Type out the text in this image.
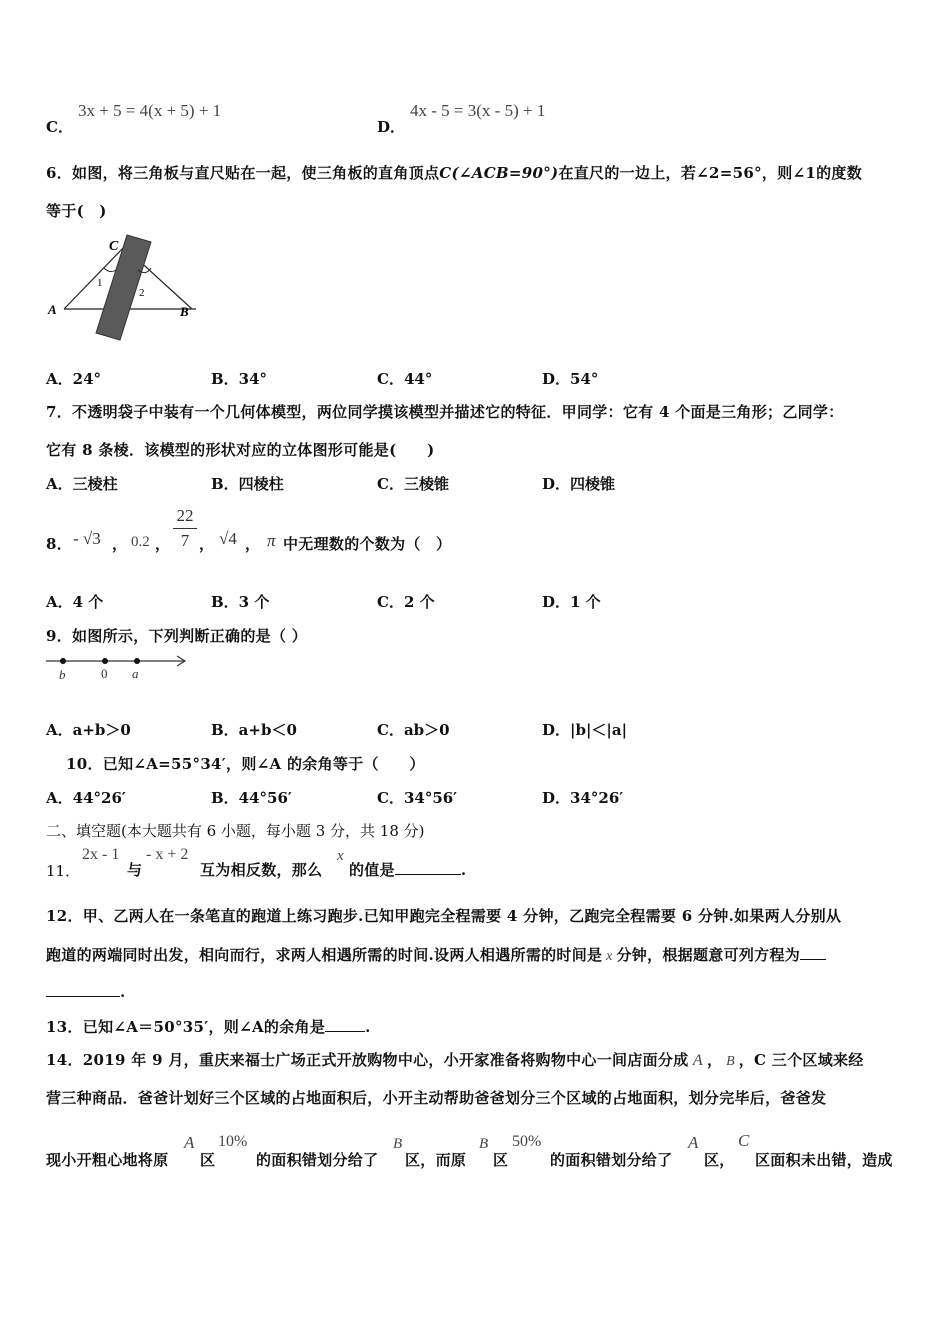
C．
3x + 5 = 4(x + 5) + 1
D．
4x - 5 = 3(x - 5) + 1
6．如图，将三角板与直尺贴在一起，使三角板的直角顶点C(∠ACB=90°)在直尺的一边上，若∠2=56°，则∠1的度数
等于(　)
C
A	B
1
2
A．24°	B．34°	C．44°	D．54°
7．不透明袋子中装有一个几何体模型，两位同学摸该模型并描述它的特征．甲同学：它有 4 个面是三角形；乙同学：
它有 8 条棱．该模型的形状对应的立体图形可能是(　　)
A．三棱柱	B．四棱柱	C．三棱锥	D．四棱锥
8． - √3 ， 0.2 ，
22
7 ， √4 ， π 中无理数的个数为（　）
A．4 个	B．3 个	C．2 个	D．1 个
9．如图所示，下列判断正确的是（ ）
b	0 a
A．a+b＞0	B．a+b＜0	C．ab＞0	D．|b|＜|a|
10．已知∠A=55°34′，则∠A 的余角等于（　　）
A．44°26′	B．44°56′	C．34°56′	D．34°26′
二、填空题(本大题共有 6 小题，每小题 3 分，共 18 分)
11．
2x - 1
与
- x + 2
互为相反数，那么
x
的值是	.
12．甲、乙两人在一条笔直的跑道上练习跑步.已知甲跑完全程需要 4 分钟，乙跑完全程需要 6 分钟.如果两人分别从
跑道的两端同时出发，相向而行，求两人相遇所需的时间.设两人相遇所需的时间是 x 分钟，根据题意可列方程为
.
13．已知∠A＝50°35′，则∠A的余角是	.
14．2019 年 9 月，重庆来福士广场正式开放购物中心，小开家准备将购物中心一间店面分成 A ， B ，C 三个区域来经
营三种商品．爸爸计划好三个区域的占地面积后，小开主动帮助爸爸划分三个区域的占地面积，划分完毕后，爸爸发
现小开粗心地将原
A
区
10%
的面积错划分给了
B
区，而原
B
区
50%
的面积错划分给了
A
区，
C
区面积未出错，造成
